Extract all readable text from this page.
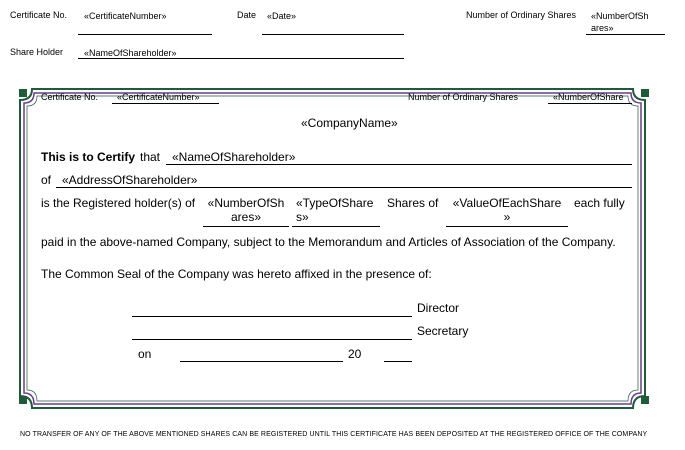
Certificate No. «CertificateNumber»	Date «Date»	Number of Ordinary Shares «NumberOfSh
ares»
Share Holder «NameOfShareholder»
Certificate No. «CertificateNumber»	Number of Ordinary Shares	«NumberOfShare
«CompanyName»
This is to Certify that «NameOfShareholder»
of «AddressOfShareholder»
is the Registered holder(s) of	«NumberOfSh
ares»
«TypeOfShare
s»
Shares of	«ValueOfEachShare
»
each fully
paid in the above-named Company, subject to the Memorandum and Articles of Association of the Company.
The Common Seal of the Company was hereto affixed in the presence of:
Director
Secretary
on	20
NO TRANSFER OF ANY OF THE ABOVE MENTIONED SHARES CAN BE REGISTERED UNTIL THIS CERTIFICATE HAS BEEN DEPOSITED AT THE REGISTERED OFFICE OF THE COMPANY
